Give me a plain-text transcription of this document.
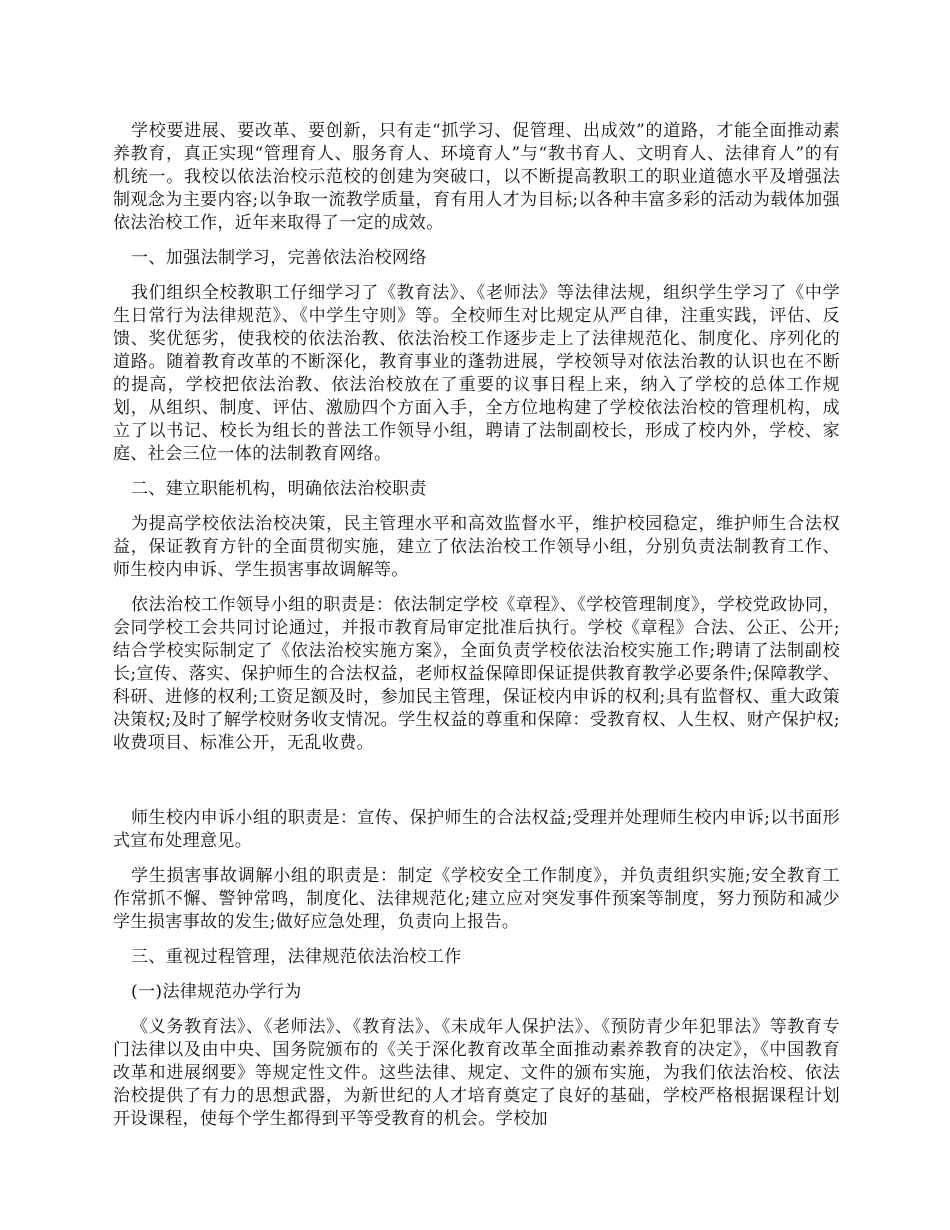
学校要进展、要改革、要创新，只有走“抓学习、促管理、出成效”的道路，才能全面推动素养教育，真正实现“管理育人、服务育人、环境育人”与“教书育人、文明育人、法律育人”的有机统一。我校以依法治校示范校的创建为突破口，以不断提高教职工的职业道德水平及增强法制观念为主要内容;以争取一流教学质量，育有用人才为目标;以各种丰富多彩的活动为载体加强依法治校工作，近年来取得了一定的成效。

一、加强法制学习，完善依法治校网络

我们组织全校教职工仔细学习了《教育法》、《老师法》等法律法规，组织学生学习了《中学生日常行为法律规范》、《中学生守则》等。全校师生对比规定从严自律，注重实践，评估、反馈、奖优惩劣，使我校的依法治教、依法治校工作逐步走上了法律规范化、制度化、序列化的道路。随着教育改革的不断深化，教育事业的蓬勃进展，学校领导对依法治教的认识也在不断的提高，学校把依法治教、依法治校放在了重要的议事日程上来，纳入了学校的总体工作规划，从组织、制度、评估、激励四个方面入手，全方位地构建了学校依法治校的管理机构，成立了以书记、校长为组长的普法工作领导小组，聘请了法制副校长，形成了校内外，学校、家庭、社会三位一体的法制教育网络。

二、建立职能机构，明确依法治校职责

为提高学校依法治校决策，民主管理水平和高效监督水平，维护校园稳定，维护师生合法权益，保证教育方针的全面贯彻实施，建立了依法治校工作领导小组，分别负责法制教育工作、师生校内申诉、学生损害事故调解等。

依法治校工作领导小组的职责是：依法制定学校《章程》、《学校管理制度》，学校党政协同，会同学校工会共同讨论通过，并报市教育局审定批准后执行。学校《章程》合法、公正、公开;结合学校实际制定了《依法治校实施方案》，全面负责学校依法治校实施工作;聘请了法制副校长;宣传、落实、保护师生的合法权益，老师权益保障即保证提供教育教学必要条件;保障教学、科研、进修的权利;工资足额及时，参加民主管理，保证校内申诉的权利;具有监督权、重大政策决策权;及时了解学校财务收支情况。学生权益的尊重和保障：受教育权、人生权、财产保护权;收费项目、标准公开，无乱收费。

师生校内申诉小组的职责是：宣传、保护师生的合法权益;受理并处理师生校内申诉;以书面形式宣布处理意见。

学生损害事故调解小组的职责是：制定《学校安全工作制度》，并负责组织实施;安全教育工作常抓不懈、警钟常鸣，制度化、法律规范化;建立应对突发事件预案等制度，努力预防和减少学生损害事故的发生;做好应急处理，负责向上报告。

三、重视过程管理，法律规范依法治校工作

(一)法律规范办学行为

《义务教育法》、《老师法》、《教育法》、《未成年人保护法》、《预防青少年犯罪法》等教育专门法律以及由中央、国务院颁布的《关于深化教育改革全面推动素养教育的决定》，《中国教育改革和进展纲要》等规定性文件。这些法律、规定、文件的颁布实施，为我们依法治校、依法治校提供了有力的思想武器，为新世纪的人才培育奠定了良好的基础，学校严格根据课程计划开设课程，使每个学生都得到平等受教育的机会。学校加
